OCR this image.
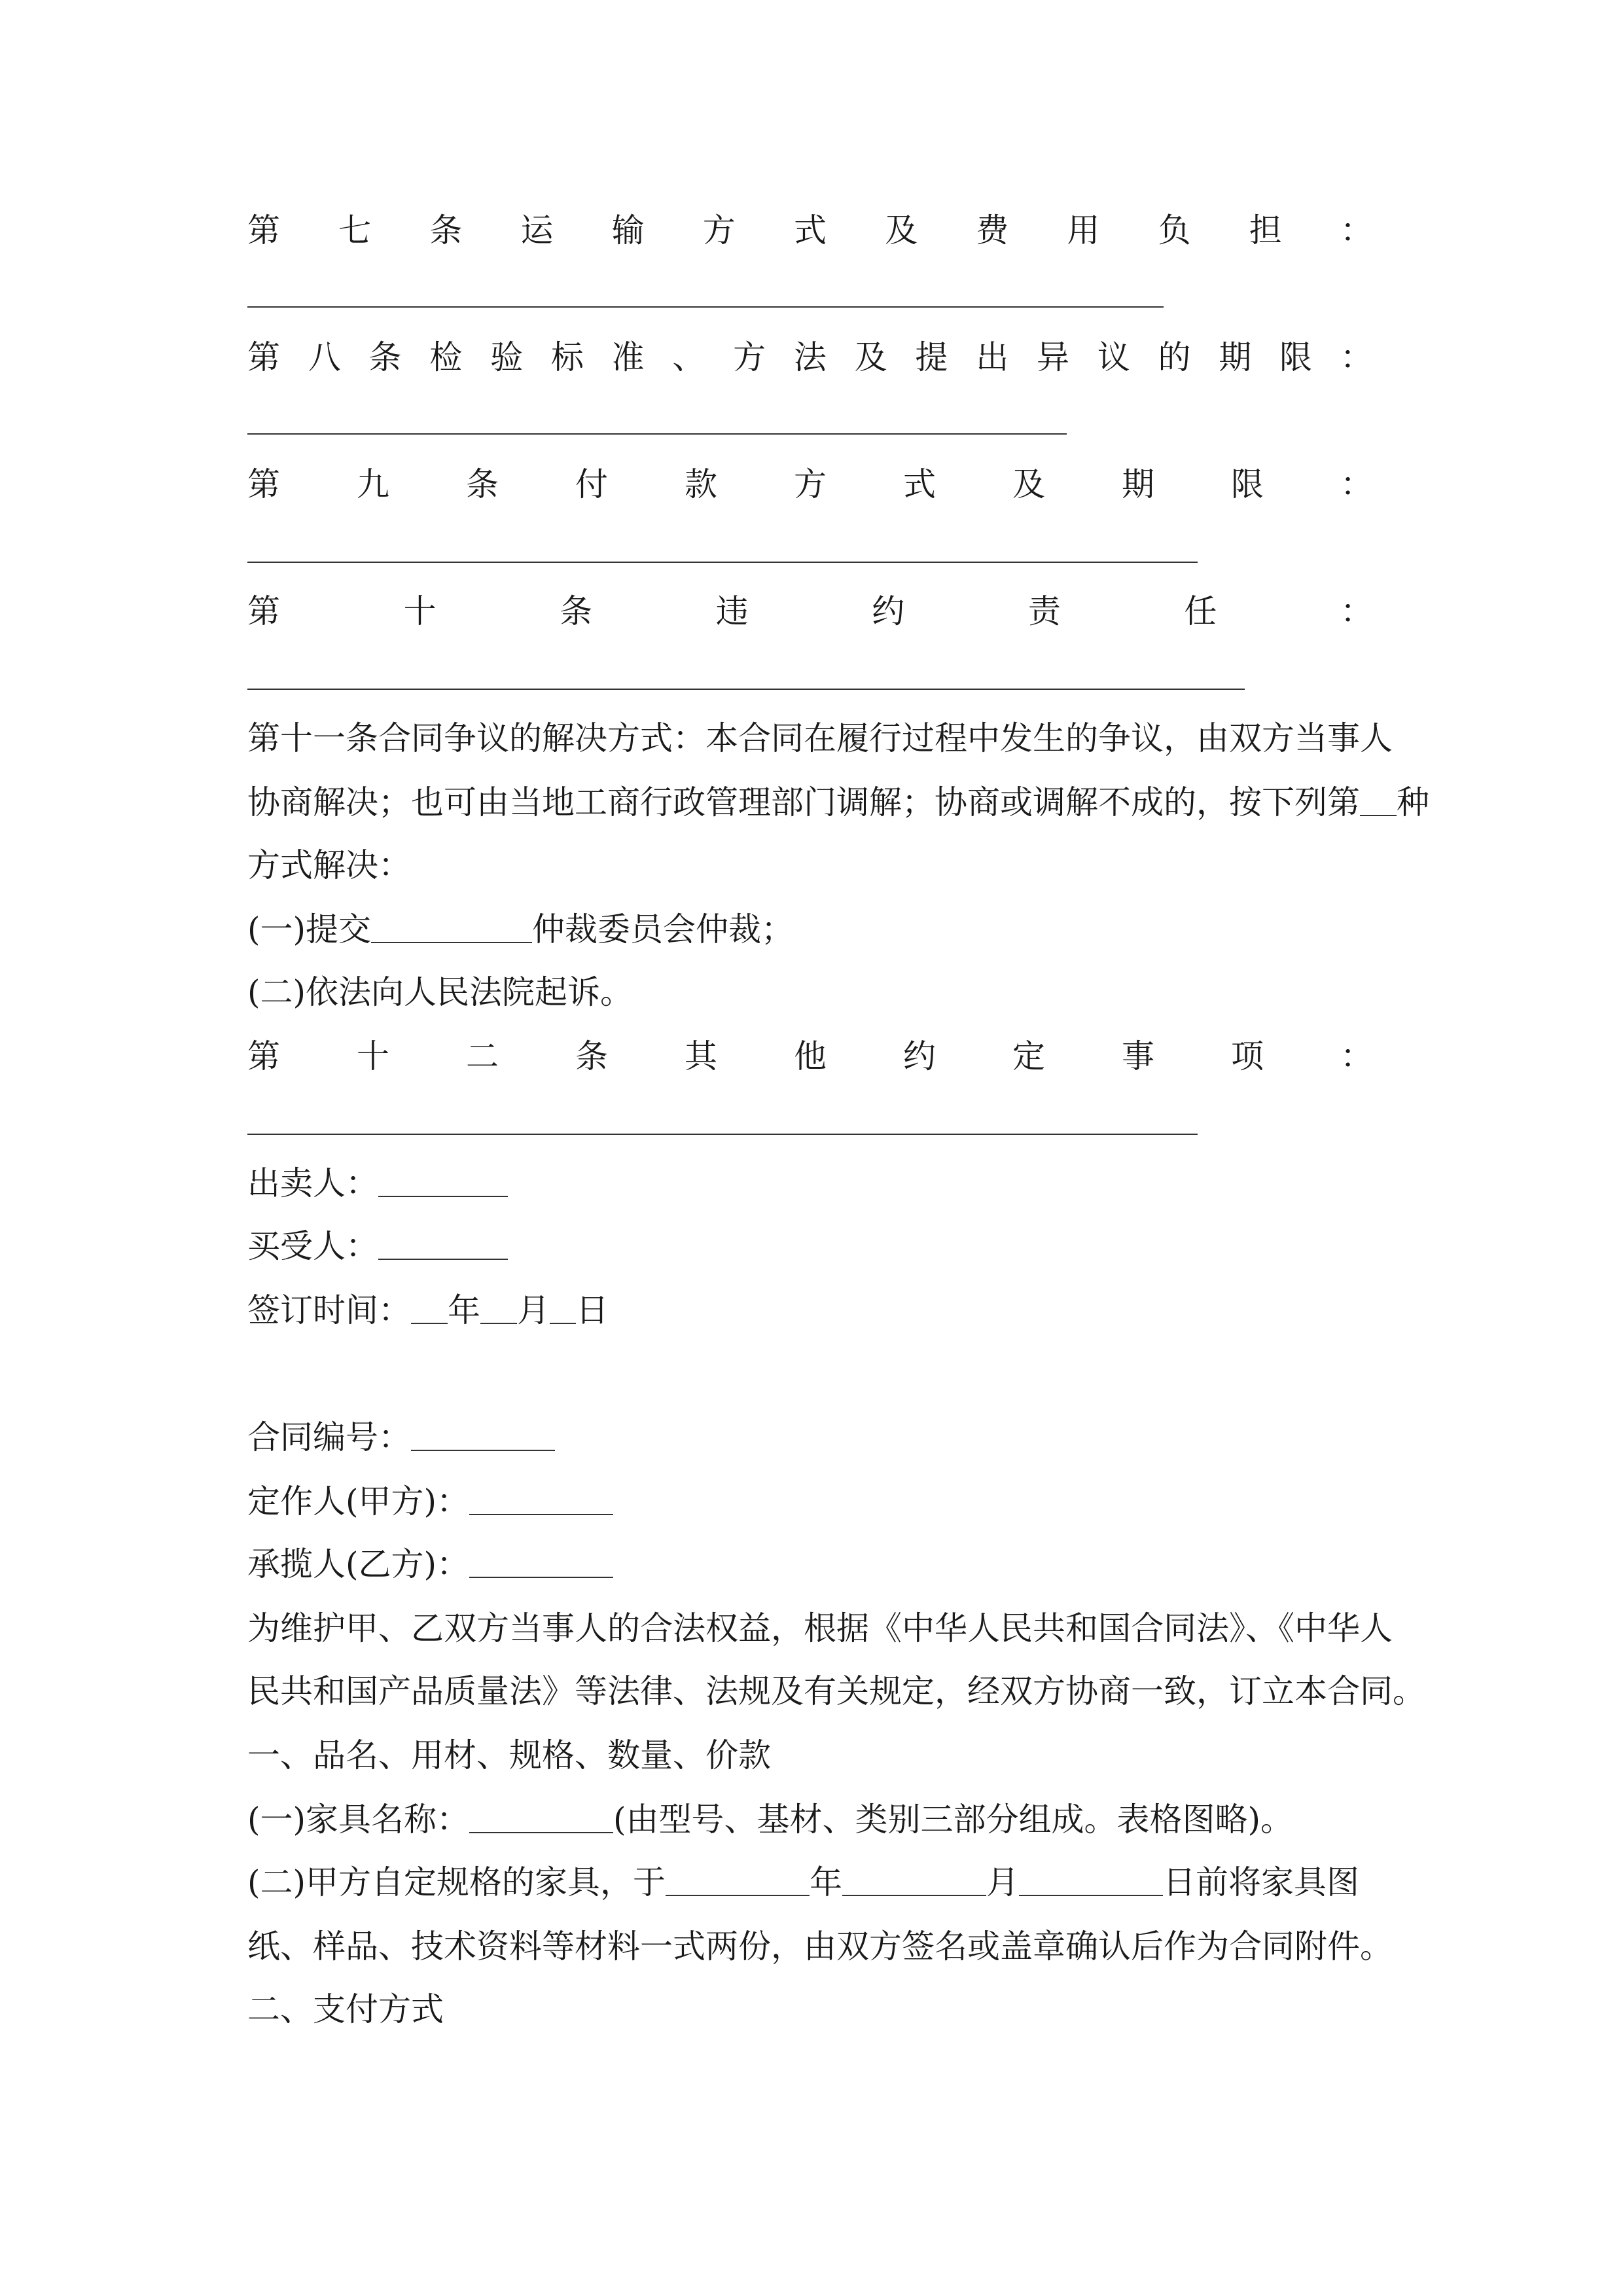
第 七 条 运 输 方 式 及 费 用 负 担 ：
第 八 条 检 验 标 准 、 方 法 及 提 出 异 议 的 期 限 ：
第 九 条 付 款 方 式 及 期 限 ：
第	十	条	违	约	责	任	：
第十一条合同争议的解决方式：本合同在履行过程中发生的争议，由双方当事人
协商解决；也可由当地工商行政管理部门调解；协商或调解不成的，按下列第 种
方式解决：
(一)提交	仲裁委员会仲裁；
(二)依法向人民法院起诉。
第 十 二 条 其 他 约 定 事 项 ：
出卖人：
买受人：
签订时间： 年 月 日
合同编号：
定作人(甲方)：
承揽人(乙方)：
为维护甲、乙双方当事人的合法权益，根据《中华人民共和国合同法》、《中华人
民共和国产品质量法》等法律、法规及有关规定，经双方协商一致，订立本合同。
一、品名、用材、规格、数量、价款
(一)家具名称：	(由型号、基材、类别三部分组成。表格图略)。
(二)甲方自定规格的家具，于	年	月	日前将家具图
纸、样品、技术资料等材料一式两份，由双方签名或盖章确认后作为合同附件。
二、支付方式
